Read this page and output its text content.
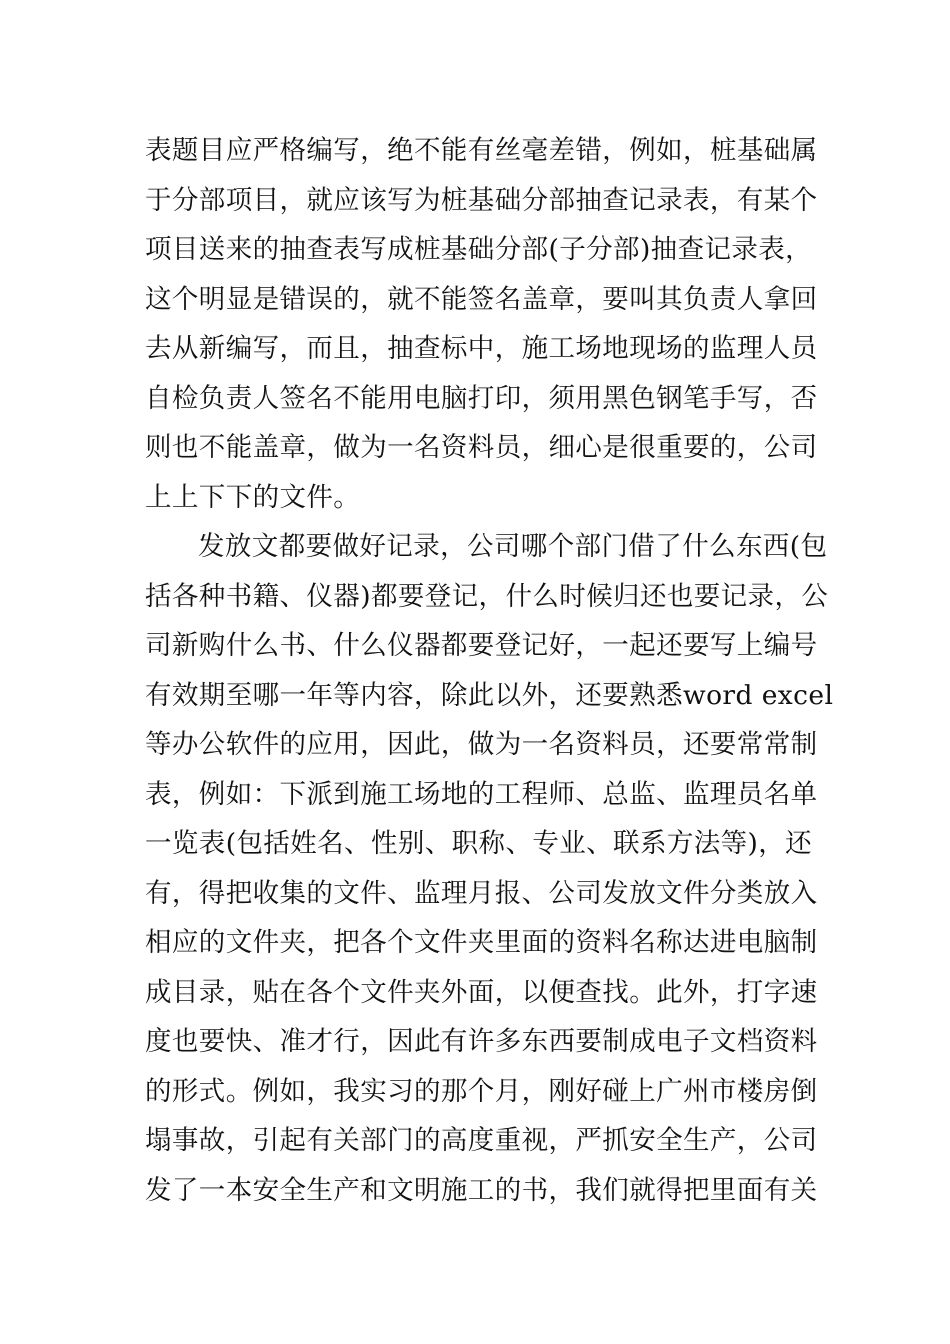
表题目应严格编写，绝不能有丝毫差错，例如，桩基础属
于分部项目，就应该写为桩基础分部抽查记录表，有某个
项目送来的抽查表写成桩基础分部(子分部)抽查记录表，
这个明显是错误的，就不能签名盖章，要叫其负责人拿回
去从新编写，而且，抽查标中，施工场地现场的监理人员
自检负责人签名不能用电脑打印，须用黑色钢笔手写，否
则也不能盖章，做为一名资料员，细心是很重要的，公司
上上下下的文件。
发放文都要做好记录，公司哪个部门借了什么东西(包
括各种书籍、仪器)都要登记，什么时候归还也要记录，公
司新购什么书、什么仪器都要登记好，一起还要写上编号
有效期至哪一年等内容，除此以外，还要熟悉word excel
等办公软件的应用，因此，做为一名资料员，还要常常制
表，例如：下派到施工场地的工程师、总监、监理员名单
一览表(包括姓名、性别、职称、专业、联系方法等)，还
有，得把收集的文件、监理月报、公司发放文件分类放入
相应的文件夹，把各个文件夹里面的资料名称达进电脑制
成目录，贴在各个文件夹外面，以便查找。此外，打字速
度也要快、准才行，因此有许多东西要制成电子文档资料
的形式。例如，我实习的那个月，刚好碰上广州市楼房倒
塌事故，引起有关部门的高度重视，严抓安全生产，公司
发了一本安全生产和文明施工的书，我们就得把里面有关
